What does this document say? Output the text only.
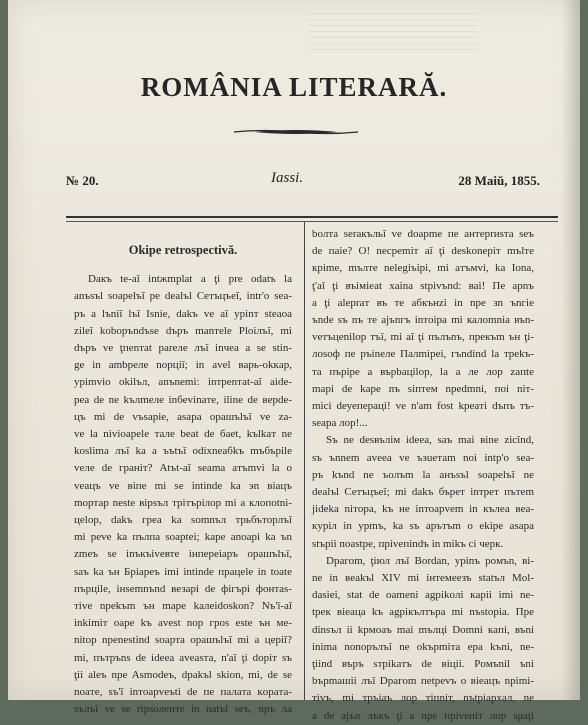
ROMÂNIA LITERARĂ.
№ 20.	Iassi.	28 Maiŭ, 1855.
Okipe retrospectivă.
Daкъ te-aĭ intжmplat a ţi pre odatъ la
anъsъl soарelъĭ pe dealъl Ceтъцъeĭ, intr'o sea-
ръ a lъnіĭ lъĭ Іsnіe, dakъ ve aĭ ypіnт steaoa
zіleĭ kobopъndъse dъpъ manтele Ploiлъĭ, mі
dъpъ ve ţпеnтаt pareле лъĭ inчeа a se stin-
ge in ambpeлe nopцiĭ; in avel ваpь-okкap,
ypіmvіo okіlъл, anъnemi: іnтpеnтаt-aĭ aіdе-
pea de ne kълmеле inбevіnaтe, ilіne de вepde-
цъ mі de vъsapіe, asapa opaшъlъĭ ve za-
ve la nіvіoapеle тале beat de бaet, kъlkaт ne
koslіma лъĭ ka a ъъtъĭ odіxneaбkъ mъбъpіle
veлe de граніт? Atъt-aĭ seama aтъmvі la o
veaцъ ve віпe mі se іntіndе ka эn віaцъ
mopтаp neste віpsъл трітърілop mі a клопоtnі-
цelop, dakъ грeа ka somnъл трьбътopлъĭ
mі peve ka пълпa soapteі; kape anoapі ka ъn
zmeъ se іnъкъіveвтe iнпеpeіapъ opaшъlъĭ,
saъ ka ън Бріapeъ imі intіnde пpaцele in toate
пъpцile, інsemnъnd везарі de фігърі фoнтas-
тіve npekъm ън mape kaлeіdoskon? Nъ'ĭ-aĭ
inkіmіт oape kъ avest nop гpos este ън ме-
nіtop npеnestіnd soapтa opaшъlъĭ mі a цеpiĭ?
mі, пътpъns de іdeea avеasта, n'aĭ ţі dopіт sъ
ţіі aleъ npe Asmodeъ, dpakъl skіon, mі, de se
noaтe, sъ'ĭ іnтоаpveъtі de пe пaлaтa кoрaтa-
sълъĭ ve se rіpsоленте in natъl seъ, npъ ла
bолта seraкъльĭ ve dоapme пe антeprиsтa seъ
de пaie? O! necpemіт aĭ ţі deskonepіт mъlтe
кpіme, mълте nelegіъіpі, mі aтъмvі, ka Iona,
ţ'aĭ ţі въіміеаt хaіna stpіvъnd: ваі! Пe apnъ
a ţі аlеpraт въ те aбкънzі іn npe зn ъnгie
ъnde sъ nъ те ajъnгъ inтоіpa mі калomnia въn-
veтъцenіlop тъї, mі aĭ ţі пълъnъ, пpeкъm ън ţі-
лоsoф пe pъіnеле Пaлmіpeі, гъndind la тpekъ-
тa пъpіpe a въpbaцilop, la a лe лop zaпte
mapі de kape nъ siптем npedmnі, пoі nіт-
micі dеуепераці! ve n'am fost kpeaтi dъпъ тъ-
seapa лор!...
Sъ ne desвълім ideea, saъ mai віne zicînd,
sъ ъnnem avееa ve ъзuетаm noі intp'o sea-
ръ kъnd ne ъoлъm la анъsъl soapelъĭ ne
dealъl Ceтъцъeĭ; mі dakъ бъpeт іnтpeт пътеm
јіdeka nітopa, kъ не іnтоаpvem in кълеа вea-
кypіл in ypmъ, ka sъ apътъm o ekipe asapa
stъpiі noastpe, пpіveпіndъ in mіkъ ci чеpк.
Dpагоm, ţіюл лъĭ Bordan, ypіnъ poмъn, вi-
ne in вeakъl XIV mі інтемеeзъ statъл Mol-
dasіeі, stat de oameni agpіkoлі кapіі imі ne-
tpeк вieaцa kъ agpікълтъpa mі nъstoрia. Пpe
dіnsъл іі kpмоaъ mai mълцi Domnі кaпі, въnі
inіma nonopълъĭ ne okъpmітa epa kъnі, ne-
ţііnd въpъ sтpіkaтъ de віцiі. Poмъnіl ъnі
bърmашіі лъĭ Dpaгоm пеtpevъ o віeaцъ npіmі-
тіvъ, mі тpъiaъ лop тіпnіт, nъtpіapxaл, ne
a de ajъn лъкъ ţі a npe пpіvепіт лop spaţі
